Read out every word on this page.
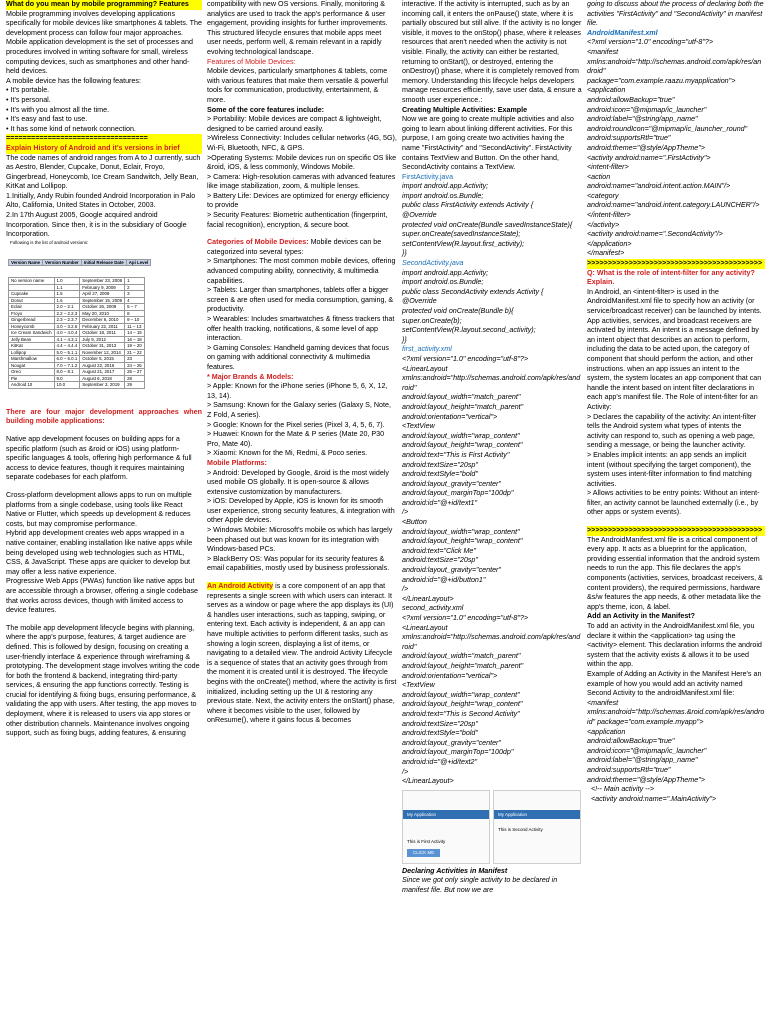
What do you mean by mobile programming? Features

Mobile programming involves developing applications specifically for mobile devices like smartphones & tablets. The development process can follow four major approaches.

Mobile application development is the set of processes and procedures involved in writing software for small, wireless computing devices, such as smartphones and other hand-held devices.

A mobile device has the following features:
• It's portable.
• It's personal.
• It's with you almost all the time.
• It's easy and fast to use.
• It has some kind of network connection.

==================================
Explain History of Android and it's versions in brief

The code names of android ranges from A to J currently, such as Aestro, Blender, Cupcake, Donut, Eclair, Froyo, Gingerbread, Honeycomb, Ice Cream Sandwitch, Jelly Bean, KitKat and Lollipop.

1.Initially, Andy Rubin founded Android Incorporation in Palo Alto, California, United States in October, 2003.
2.In 17th August 2005, Google acquired android Incorporation. Since then, it is in the subsidiary of Google Incorporation.

Following is the list of android versions:

Version Name	Version Number	Initial Release Date	Api Level
No version name	1.0	September 23, 2008	1
	1.1	February 9, 2009	2
Cupcake	1.5	April 27, 2009	3
Donut	1.6	September 15, 2009	4
Eclair	2.0 – 2.1	October 26, 2009	5 – 7
Froyo	2.2 – 2.2.3	May 20, 2010	8
Gingerbread	2.3 – 2.3.7	December 6, 2010	9 – 10
Honeycomb	3.0 – 3.2.6	February 22, 2011	11 – 13
Ice Cream Sandwich	4.0 – 4.0.4	October 18, 2011	14 – 15
Jelly Bean	4.1 – 4.3.1	July 9, 2012	16 – 18
KitKat	4.4 – 4.4.4	October 31, 2013	19 – 20
Lollipop	5.0 – 5.1.1	November 12, 2014	21 – 22
Marshmallow	6.0 – 6.0.1	October 5, 2015	23
Nougat	7.0 – 7.1.2	August 22, 2016	24 – 25
Oreo	8.0 – 8.1	August 21, 2017	26 – 27
Pie	9.0	August 6, 2018	28
Android 10	10.0	September 3, 2019	29

There are four major development approaches when building mobile applications:

Native app development focuses on building apps for a specific platform (such as &roid or iOS) using platform-specific languages & tools, offering high performance & full access to device features, though it requires maintaining separate codebases for each platform.

Cross-platform development allows apps to run on multiple platforms from a single codebase, using tools like React Native or Flutter, which speeds up development & reduces costs, but may compromise performance.

Hybrid app development creates web apps wrapped in a native container, enabling installation like native apps while being developed using web technologies such as HTML, CSS, & JavaScript. These apps are quicker to develop but may offer a less native experience.

Progressive Web Apps (PWAs) function like native apps but are accessible through a browser, offering a single codebase that works across devices, though with limited access to device features.

The mobile app development lifecycle begins with planning, where the app's purpose, features, & target audience are defined. This is followed by design, focusing on creating a user-friendly interface & experience through wireframing & prototyping. The development stage involves writing the code for both the frontend & backend, integrating third-party services, & ensuring the app functions correctly. Testing is crucial for identifying & fixing bugs, ensuring performance, & validating the app with users. After testing, the app moves to deployment, where it is released to users via app stores or other distribution channels. Maintenance involves ongoing support, such as fixing bugs, adding features, & ensuring

compatibility with new OS versions. Finally, monitoring & analytics are used to track the app's performance & user engagement, providing insights for further improvements. This structured lifecycle ensures that mobile apps meet user needs, perform well, & remain relevant in a rapidly evolving technological landscape.

Features of Mobile Devices:

Mobile devices, particularly smartphones & tablets, come with various features that make them versatile & powerful tools for communication, productivity, entertainment, & more.

Some of the core features include:

> Portability: Mobile devices are compact & lightweight, designed to be carried around easily.

>Wireless Connectivity: Includes cellular networks (4G, 5G), Wi-Fi, Bluetooth, NFC, & GPS.

>Operating Systems: Mobile devices run on specific OS like &roid, iOS, & less commonly, Windows Mobile.

> Camera: High-resolution cameras with advanced features like image stabilization, zoom, & multiple lenses.

> Battery Life: Devices are optimized for energy efficiency to provide

> Security Features: Biometric authentication (fingerprint, facial recognition), encryption, & secure boot.

Categories of Mobile Devices: Mobile devices can be categorized into several types:

> Smartphones: The most common mobile devices, offering advanced computing ability, connectivity, & multimedia capabilities.

> Tablets: Larger than smartphones, tablets offer a bigger screen & are often used for media consumption, gaming, & productivity.

> Wearables: Includes smartwatches & fitness trackers that offer health tracking, notifications, & some level of app interaction.

> Gaming Consoles: Handheld gaming devices that focus on gaming with additional connectivity & multimedia features.

* Major Brands & Models:

> Apple: Known for the iPhone series (iPhone 5, 6, X, 12, 13, 14).

> Samsung: Known for the Galaxy series (Galaxy S, Note, Z Fold, A series).

> Google: Known for the Pixel series (Pixel 3, 4, 5, 6, 7).

> Huawei: Known for the Mate & P series (Mate 20, P30 Pro, Mate 40).

> Xiaomi: Known for the Mi, Redmi, & Poco series.

Mobile Platforms:

> Android: Developed by Google, &roid is the most widely used mobile OS globally. It is open-source & allows extensive customization by manufacturers.

> iOS: Developed by Apple, iOS is known for its smooth user experience, strong security features, & integration with other Apple devices.

> Windows Mobile: Microsoft's mobile os which has largely been phased out but was known for its integration with Windows-based PCs.

> BlackBerry OS: Was popular for its security features & email capabilities, mostly used by business professionals.

An Android Activity is a core component of an app that represents a single screen with which users can interact. It serves as a window or page where the app displays its (UI) & handles user interactions, such as tapping, swiping, or entering text. Each activity is independent, & an app can have multiple activities to perform different tasks, such as showing a login screen, displaying a list of items, or navigating to a detailed view. The android Activity Lifecycle is a sequence of states that an activity goes through from the moment it is created until it is destroyed. The lifecycle begins with the onCreate() method, where the activity is first initialized, including setting up the UI & restoring any previous state. Next, the activity enters the onStart() phase, where it becomes visible to the user, followed by onResume(), where it gains focus & becomes

interactive. If the activity is interrupted, such as by an incoming call, it enters the onPause() state, where it is partially obscured but still alive. If the activity is no longer visible, it moves to the onStop() phase, where it releases resources that aren't needed when the activity is not visible. Finally, the activity can either be restarted, returning to onStart(), or destroyed, entering the onDestroy() phase, where it is completely removed from memory. Understanding this lifecycle helps developers manage resources efficiently, save user data, & ensure a smooth user experience.:

Creating Multiple Activities: Example

Now we are going to create multiple activities and also going to learn about linking different activities. For this purpose, I am going create two activities having the name "FirstActivity" and "SecondActivity". FirstActivity contains TextView and Button. On the other hand, SecondActivity contains a TextView.

FirstActivity.java

import android.app.Activity;
import android.os.Bundle;
public class FirstActivity extends Activity {
@Override
protected void onCreate(Bundle savedInstanceState){
super.onCreate(savedInstanceState);
setContentView(R.layout.first_activity);
}}

SecondActivity.java

import android.app.Activity;
import android.os.Bundle;
public class SecondActivity extends Activity {
@Override
protected void onCreate(Bundle b){
super.onCreate(b);
setContentView(R.layout.second_activity);
}}

first_activity.xml

<?xml version="1.0" encoding="utf-8"?>
<LinearLayout
xmlns:android="http://schemas.android.com/apk/res/android"
android:layout_width="match_parent"
android:layout_height="match_parent"
android:orientation="vertical">
<TextView
android:layout_width="wrap_content"
android:layout_height="wrap_content"
android:text="This is First Activity"
android:textSize="20sp"
android:textStyle="bold"
android:layout_gravity="center"
android:layout_marginTop="100dp"
android:id="@+id/text1"
/>
<Button
android:layout_width="wrap_content"
android:layout_height="wrap_content"
android:text="Click Me"
android:textSize="20sp"
android:layout_gravity="center"
android:id="@+id/button1"
/>
</LinearLayout>
second_activity.xml
<?xml version="1.0" encoding="utf-8"?>
<LinearLayout
xmlns:android="http://schemas.android.com/apk/res/android"
android:layout_width="match_parent"
android:layout_height="match_parent"
android:orientation="vertical">
<TextView
android:layout_width="wrap_content"
android:layout_height="wrap_content"
android:text="This is Second Activity"
android:textSize="20sp"
android:textStyle="bold"
android:layout_gravity="center"
android:layout_marginTop="100dp"
android:id="@+id/text2"
/>
</LinearLayout>

My Application

This is First Activity

CLICK ME

My Application

This is Second Activity

Declaring Activities in Manifest

Since we got only single activity to be declared in manifest file. But now we are

going to discuss about the process of declaring both the activities "FirstActivity" and "SecondActivity" in manifest file.

AndroidManifest.xml

<?xml version="1.0" encoding="utf-8"?>
<manifest
xmlns:android="http://schemas.android.com/apk/res/android"
package="com.example.raazu.myapplication">
<application
android:allowBackup="true"
android:icon="@mipmap/ic_launcher"
android:label="@string/app_name"
android:roundIcon="@mipmap/ic_launcher_round"
android:supportsRtl="true"
android:theme="@style/AppTheme">
<activity android:name=".FirstActivity">
<intent-filter>
<action
android:name="android.intent.action.MAIN"/>
<category
android:name="android.intent.category.LAUNCHER"/>
</intent-filter>
</activity>
<activity android:name=".SecondActivity"/>
</application>
</manifest>

>>>>>>>>>>>>>>>>>>>>>>>>>>>>>>>>>>>>>>>>>>
Q: What is the role of intent-filter for any activity? Explain.

In Android, an <intent-filter> is used in the AndroidManifest.xml file to specify how an activity (or service/broadcast receiver) can be launched by intents. App activities, services, and broadcast receivers are activated by intents. An intent is a message defined by an intent object that describes an action to perform, including the data to be acted upon, the category of component that should perform the action, and other instructions. when an app issues an intent to the system, the system locates an app component that can handle the intent based on intent filter declarations in each app's manifest file. The Role of intent-filter for an Activity:

> Declares the capability of the activity: An intent-filter tells the Android system what types of intents the activity can respond to, such as opening a web page, sending a message, or being the launcher activity.

> Enables implicit intents: an app sends an implicit intent (without specifying the target component), the system uses intent-filter information to find matching activities.

> Allows activities to be entry points: Without an intent-filter, an activity cannot be launched externally (i.e., by other apps or system events).

>>>>>>>>>>>>>>>>>>>>>>>>>>>>>>>>>>>>>>>>>>

The AndroidManifest.xml file is a critical component of every app. It acts as a blueprint for the application, providing essential information that the android system needs to run the app. This file declares the app's components (activities, services, broadcast receivers, & content providers), the required permissions, hardware &s/w features the app needs, & other metadata like the app's theme, icon, & label.

Add an Activity in the Manifest?

To add an activity in the AndroidManifest.xml file, you declare it within the <application> tag using the <activity> element. This declaration informs the android system that the activity exists & allows it to be used within the app.

Example of Adding an Activity in the Manifest Here's an example of how you would add an activity named Second Activity to the androidManifest.xml file:

<manifest
xmlns:android="http://schemas.&roid.com/apk/res/android" package="com.example.myapp">
<application
android:allowBackup="true"
android:icon="@mipmap/ic_launcher"
android:label="@string/app_name"
android:supportsRtl="true"
android:theme="@style/AppTheme">
<!-- Main activity -->
<activity android:name=".MainActivity">
